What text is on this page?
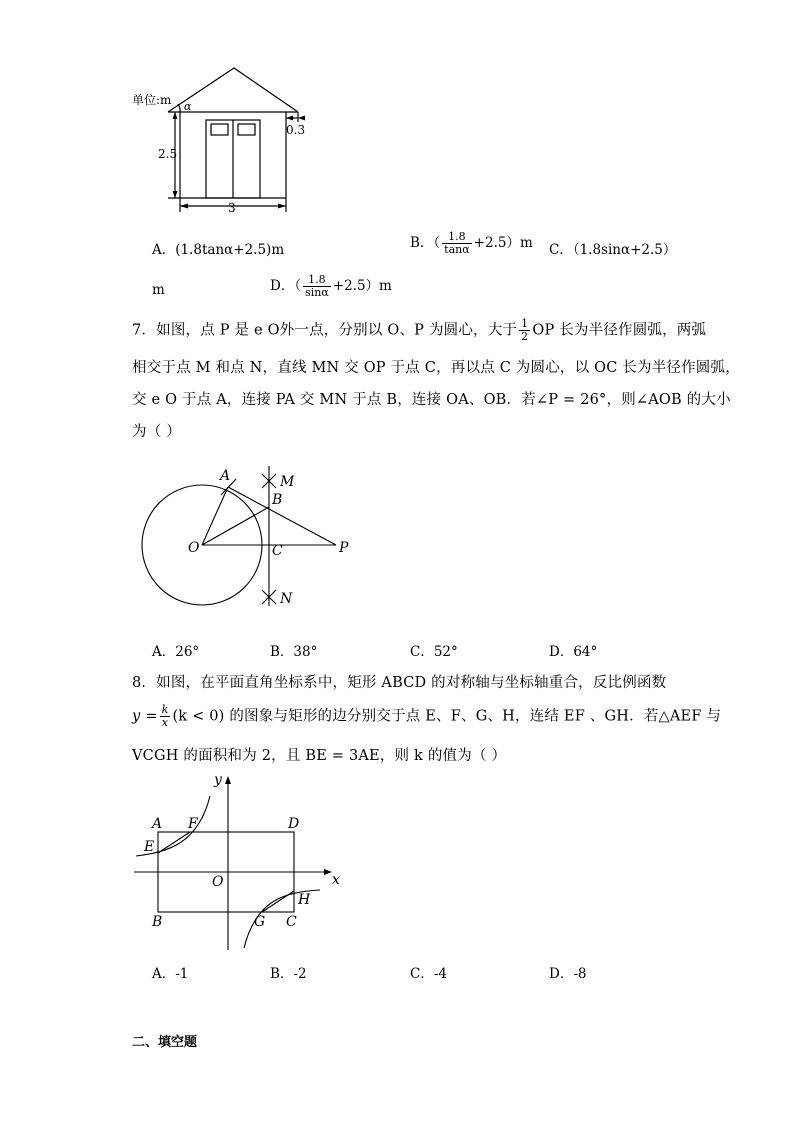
单位:m α
0.3
2.5
3
A．(1.8tanα+2.5)m	B．（ $\frac{1.8}{\tan\alpha} +2.5)m$ C．（1.8sinα+2.5）
m	D．（ $\frac{1.8}{\sin\alpha} +2.5)m$
7．如图，点 P 是 e O外一点，分别以 O、P 为圆心，大于 $\frac{1}{2}$ OP 长为半径作圆弧，两弧
相交于点 M 和点 N，直线 MN 交 OP 于点 C，再以点 C 为圆心，以 OC 长为半径作圆弧，
交 e O 于点 A，连接 PA 交 MN 于点 B，连接 OA、OB．若∠P = 26°，则∠AOB 的大小
为（ ）
A	M
B
O	C	P
N
A．26°	B．38°	C．52°	D．64°
8．如图，在平面直角坐标系中，矩形 ABCD 的对称轴与坐标轴重合，反比例函数
$y = \frac{k}{x} (k < 0)$ 的图象与矩形的边分别交于点 E、F、G、H，连结 EF 、GH．若△AEF 与
VCGH 的面积和为 2，且 BE = 3AE，则 k 的值为（ ）
y
x
A F	D
E
O
B	G C
H
A．-1	B．-2	C．-4	D．-8
二、填空题
